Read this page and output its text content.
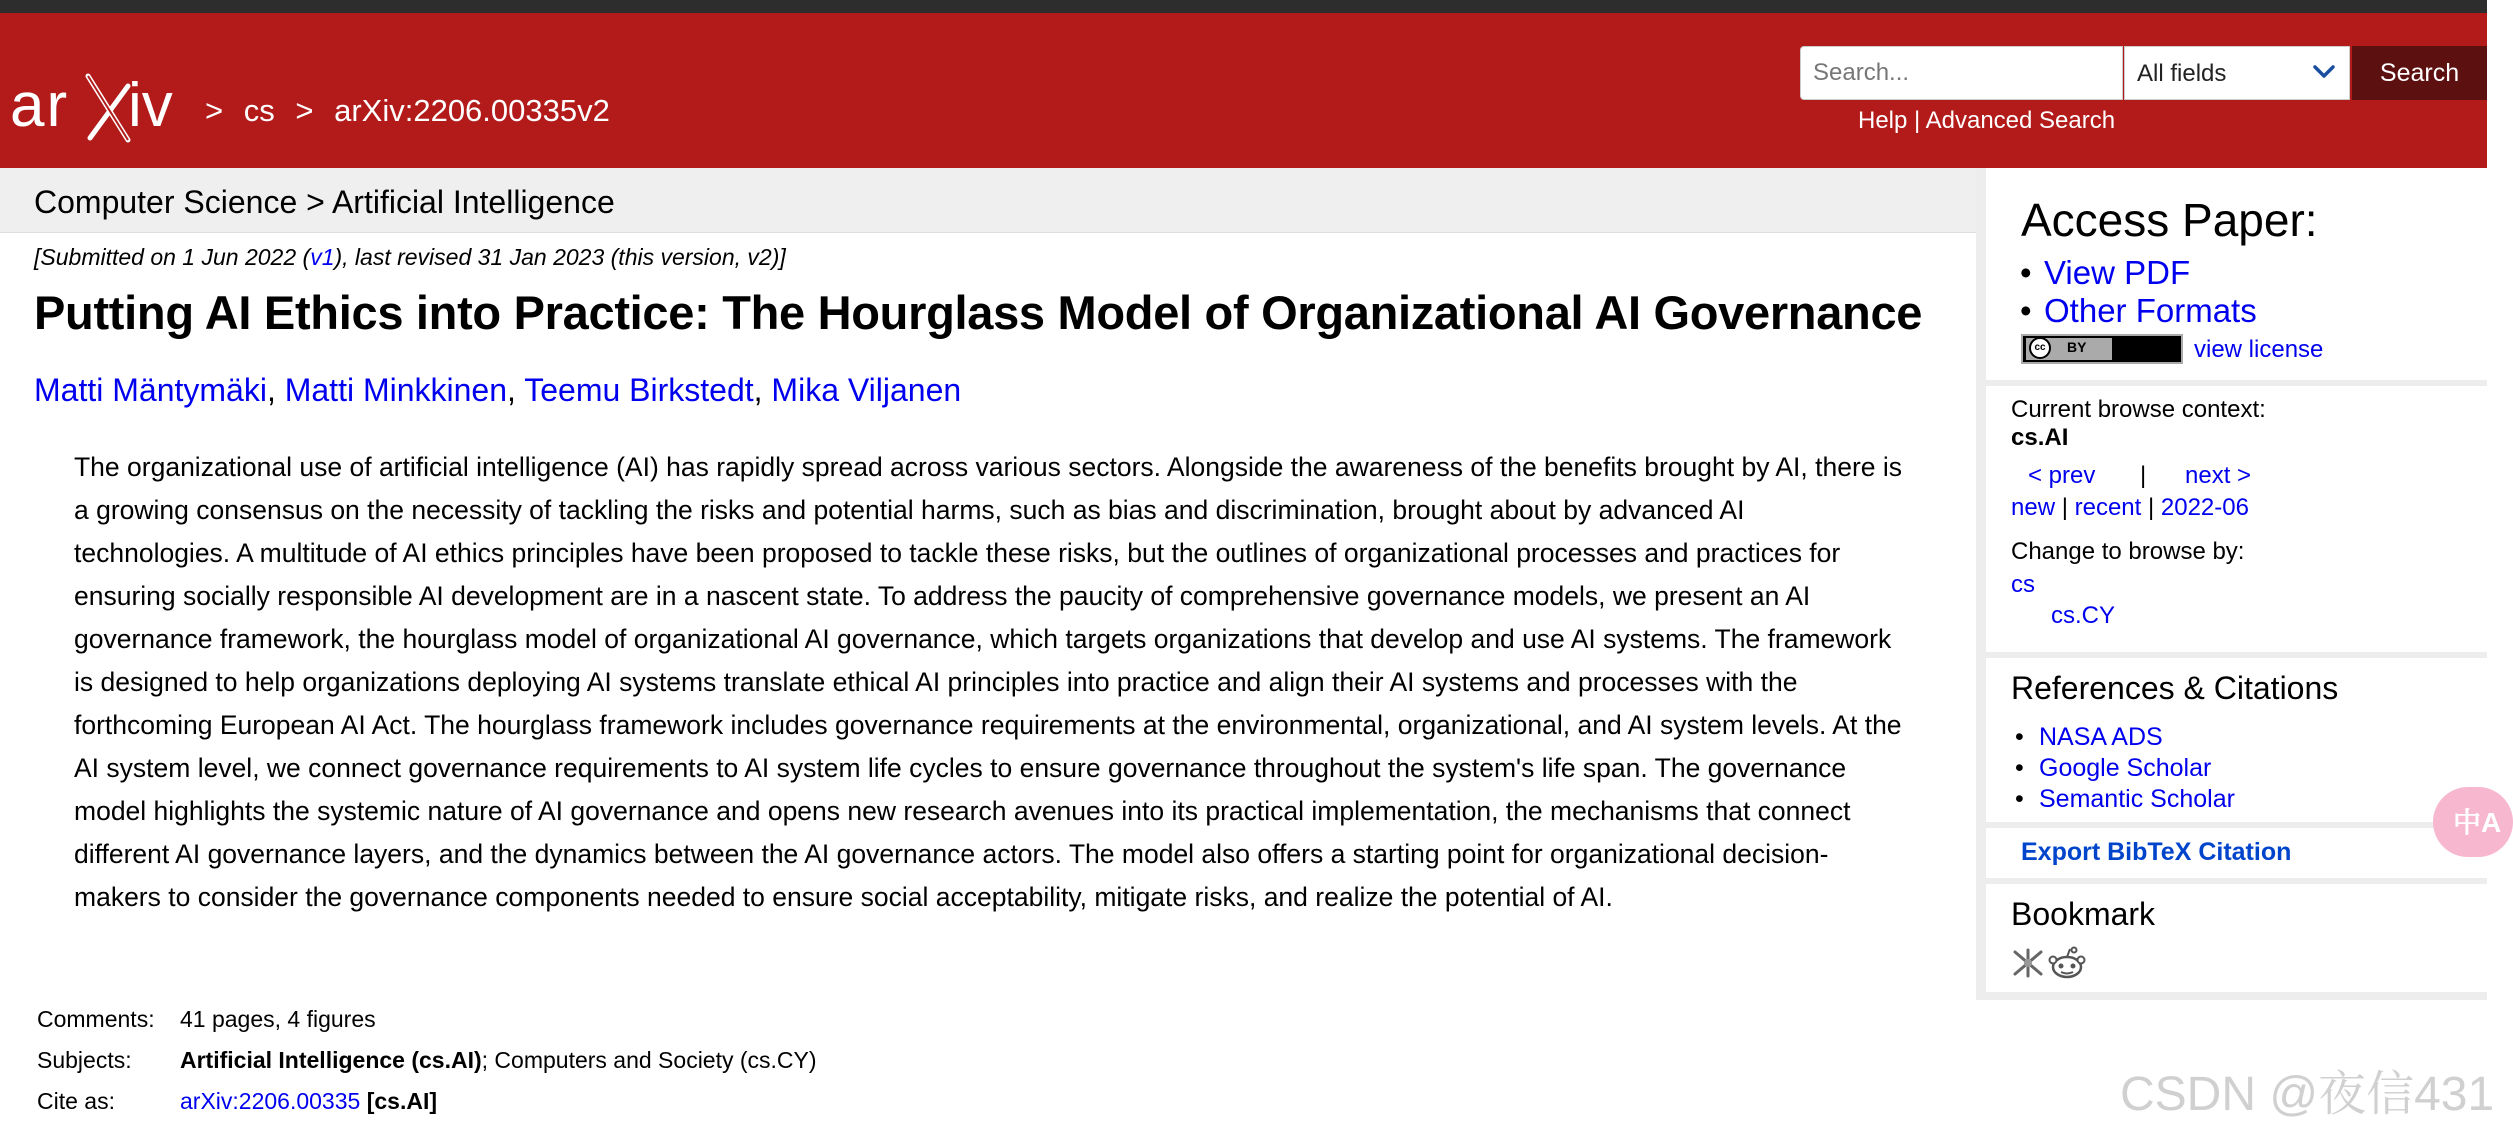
ar iv > cs > arXiv:2206.00335v2
Search...
All fields	Search
Help | Advanced Search
Computer Science > Artificial Intelligence
[Submitted on 1 Jun 2022 (v1), last revised 31 Jan 2023 (this version, v2)]
Putting AI Ethics into Practice: The Hourglass Model of Organizational AI Governance
Matti Mäntymäki, Matti Minkkinen, Teemu Birkstedt, Mika Viljanen
The organizational use of artificial intelligence (AI) has rapidly spread across various sectors. Alongside the awareness of the benefits brought by AI, there is a growing consensus on the necessity of tackling the risks and potential harms, such as bias and discrimination, brought about by advanced AI technologies. A multitude of AI ethics principles have been proposed to tackle these risks, but the outlines of organizational processes and practices for ensuring socially responsible AI development are in a nascent state. To address the paucity of comprehensive governance models, we present an AI governance framework, the hourglass model of organizational AI governance, which targets organizations that develop and use AI systems. The framework is designed to help organizations deploying AI systems translate ethical AI principles into practice and align their AI systems and processes with the forthcoming European AI Act. The hourglass framework includes governance requirements at the environmental, organizational, and AI system levels. At the AI system level, we connect governance requirements to AI system life cycles to ensure governance throughout the system's life span. The governance model highlights the systemic nature of AI governance and opens new research avenues into its practical implementation, the mechanisms that connect different AI governance layers, and the dynamics between the AI governance actors. The model also offers a starting point for organizational decision-makers to consider the governance components needed to ensure social acceptability, mitigate risks, and realize the potential of AI.
Comments: 41 pages, 4 figures
Subjects: Artificial Intelligence (cs.AI); Computers and Society (cs.CY)
Cite as:	arXiv:2206.00335 [cs.AI]
Access Paper:
• View PDF
• Other Formats
cc	BY	view license
Current browse context:
cs.AI
< prev | next >
new | recent | 2022-06
Change to browse by:
cs
cs.CY
References & Citations
• NASA ADS
• Google Scholar
• Semantic Scholar
Export BibTeX Citation
Bookmark
中A
CSDN @夜信431
